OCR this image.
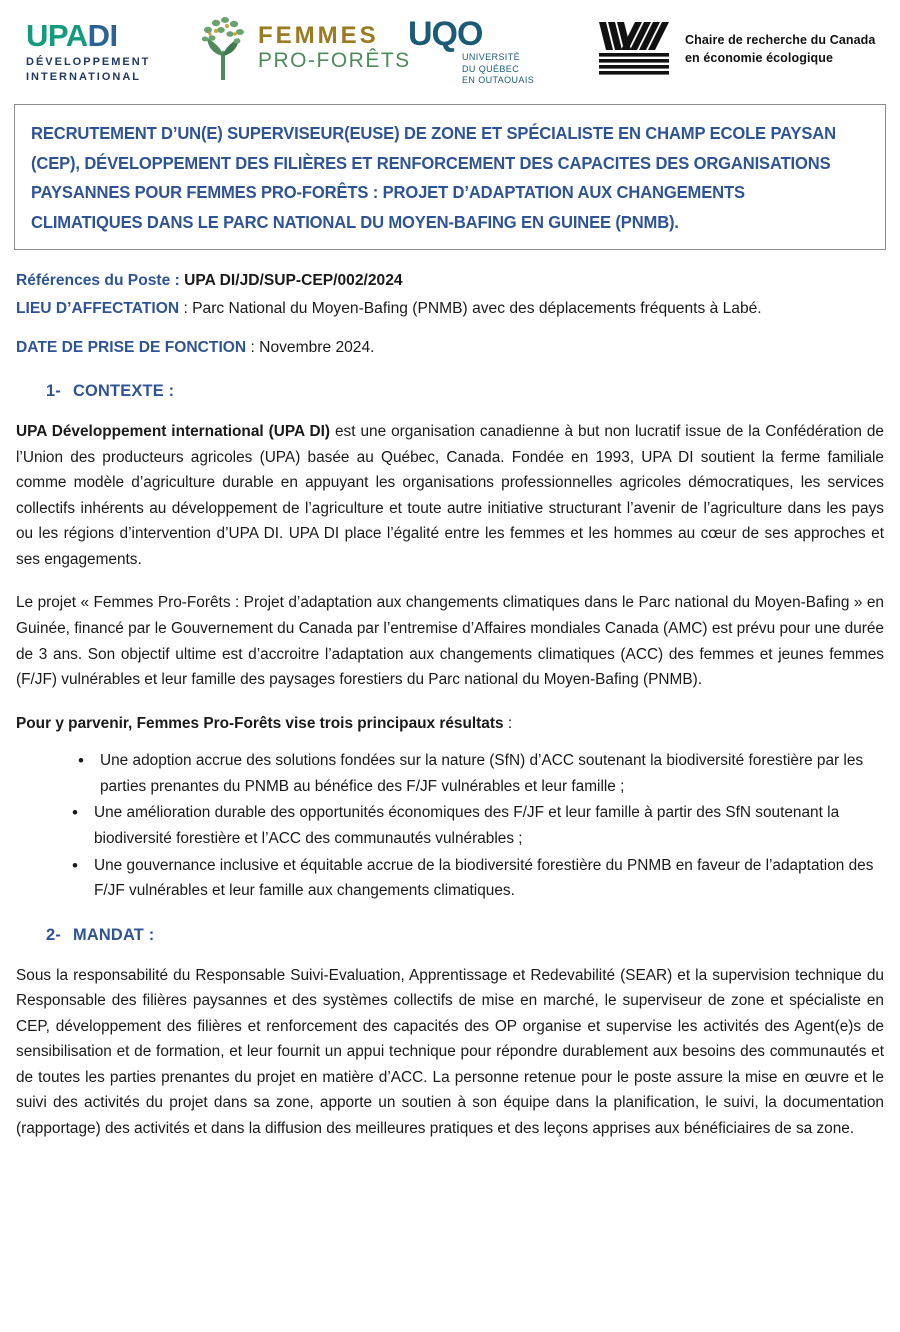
UPADI
DÉVELOPPEMENT
INTERNATIONAL
FEMMES
PRO-FORÊTS
UQO
UNIVERSITÉ
DU QUÉBEC
EN OUTAOUAIS
Chaire de recherche du Canada
en économie écologique
RECRUTEMENT D’UN(E) SUPERVISEUR(EUSE) DE ZONE ET SPÉCIALISTE EN CHAMP ECOLE PAYSAN (CEP), DÉVELOPPEMENT DES FILIÈRES ET RENFORCEMENT DES CAPACITES DES ORGANISATIONS PAYSANNES POUR FEMMES PRO-FORÊTS : PROJET D’ADAPTATION AUX CHANGEMENTS CLIMATIQUES DANS LE PARC NATIONAL DU MOYEN-BAFING EN GUINEE (PNMB).
Références du Poste : UPA DI/JD/SUP-CEP/002/2024
LIEU D’AFFECTATION : Parc National du Moyen-Bafing (PNMB) avec des déplacements fréquents à Labé.
DATE DE PRISE DE FONCTION : Novembre 2024.
1- CONTEXTE :

UPA Développement international (UPA DI) est une organisation canadienne à but non lucratif issue de la Confédération de l’Union des producteurs agricoles (UPA) basée au Québec, Canada. Fondée en 1993, UPA DI soutient la ferme familiale comme modèle d’agriculture durable en appuyant les organisations professionnelles agricoles démocratiques, les services collectifs inhérents au développement de l’agriculture et toute autre initiative structurant l’avenir de l’agriculture dans les pays ou les régions d’intervention d’UPA DI. UPA DI place l’égalité entre les femmes et les hommes au cœur de ses approches et ses engagements.

Le projet « Femmes Pro-Forêts : Projet d’adaptation aux changements climatiques dans le Parc national du Moyen-Bafing » en Guinée, financé par le Gouvernement du Canada par l’entremise d’Affaires mondiales Canada (AMC) est prévu pour une durée de 3 ans. Son objectif ultime est d’accroitre l’adaptation aux changements climatiques (ACC) des femmes et jeunes femmes (F/JF) vulnérables et leur famille des paysages forestiers du Parc national du Moyen-Bafing (PNMB).

Pour y parvenir, Femmes Pro-Forêts vise trois principaux résultats :

• Une adoption accrue des solutions fondées sur la nature (SfN) d’ACC soutenant la biodiversité forestière par les parties prenantes du PNMB au bénéfice des F/JF vulnérables et leur famille ;
• Une amélioration durable des opportunités économiques des F/JF et leur famille à partir des SfN soutenant la biodiversité forestière et l’ACC des communautés vulnérables ;
• Une gouvernance inclusive et équitable accrue de la biodiversité forestière du PNMB en faveur de l’adaptation des F/JF vulnérables et leur famille aux changements climatiques.
2- MANDAT :

Sous la responsabilité du Responsable Suivi-Evaluation, Apprentissage et Redevabilité (SEAR) et la supervision technique du Responsable des filières paysannes et des systèmes collectifs de mise en marché, le superviseur de zone et spécialiste en CEP, développement des filières et renforcement des capacités des OP organise et supervise les activités des Agent(e)s de sensibilisation et de formation, et leur fournit un appui technique pour répondre durablement aux besoins des communautés et de toutes les parties prenantes du projet en matière d’ACC. La personne retenue pour le poste assure la mise en œuvre et le suivi des activités du projet dans sa zone, apporte un soutien à son équipe dans la planification, le suivi, la documentation (rapportage) des activités et dans la diffusion des meilleures pratiques et des leçons apprises aux bénéficiaires de sa zone.
